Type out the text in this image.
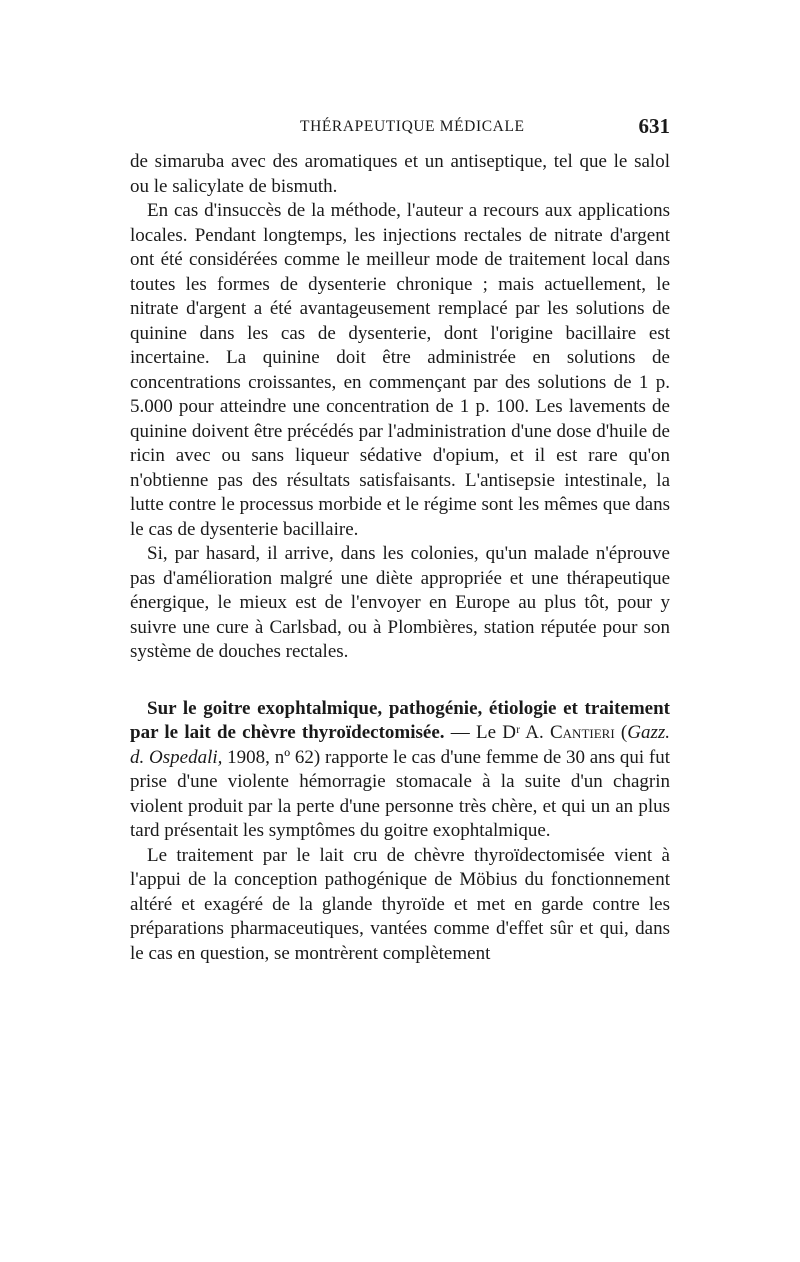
THÉRAPEUTIQUE MÉDICALE	631

de simaruba avec des aromatiques et un antiseptique, tel que le salol ou le salicylate de bismuth.

En cas d'insuccès de la méthode, l'auteur a recours aux applications locales. Pendant longtemps, les injections rectales de nitrate d'argent ont été considérées comme le meilleur mode de traitement local dans toutes les formes de dysenterie chronique ; mais actuellement, le nitrate d'argent a été avantageusement remplacé par les solutions de quinine dans les cas de dysenterie, dont l'origine bacillaire est incertaine. La quinine doit être administrée en solutions de concentrations croissantes, en commençant par des solutions de 1 p. 5.000 pour atteindre une concentration de 1 p. 100. Les lavements de quinine doivent être précédés par l'administration d'une dose d'huile de ricin avec ou sans liqueur sédative d'opium, et il est rare qu'on n'obtienne pas des résultats satisfaisants. L'antisepsie intestinale, la lutte contre le processus morbide et le régime sont les mêmes que dans le cas de dysenterie bacillaire.

Si, par hasard, il arrive, dans les colonies, qu'un malade n'éprouve pas d'amélioration malgré une diète appropriée et une thérapeutique énergique, le mieux est de l'envoyer en Europe au plus tôt, pour y suivre une cure à Carlsbad, ou à Plombières, station réputée pour son système de douches rectales.

Sur le goitre exophtalmique, pathogénie, étiologie et traitement par le lait de chèvre thyroïdectomisée. — Le Dʳ A. Cantieri (Gazz. d. Ospedali, 1908, nº 62) rapporte le cas d'une femme de 30 ans qui fut prise d'une violente hémorragie stomacale à la suite d'un chagrin violent produit par la perte d'une personne très chère, et qui un an plus tard présentait les symptômes du goitre exophtalmique.

Le traitement par le lait cru de chèvre thyroïdectomisée vient à l'appui de la conception pathogénique de Möbius du fonctionnement altéré et exagéré de la glande thyroïde et met en garde contre les préparations pharmaceutiques, vantées comme d'effet sûr et qui, dans le cas en question, se montrèrent complètement
